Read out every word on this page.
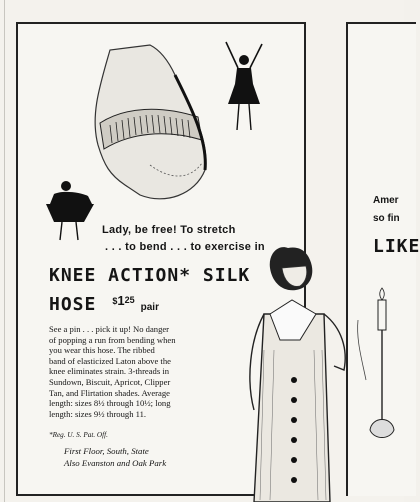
Lady, be free! To stretch
. . . to bend . . . to exercise in
KNEE ACTION* SILK
HOSE $ 1 25
pair
See a pin . . . pick it up! No danger
of popping a run from bending when
you wear this hose. The ribbed
band of elasticized Laton above the
knee eliminates strain. 3-threads in
Sundown, Biscuit, Apricot, Clipper
Tan, and Flirtation shades. Average
length: sizes 8½ through 10½; long
length: sizes 9½ through 11.
*Reg. U. S. Pat. Off.
First Floor, South, State
Also Evanston and Oak Park
Amer
so fin
LIKE
